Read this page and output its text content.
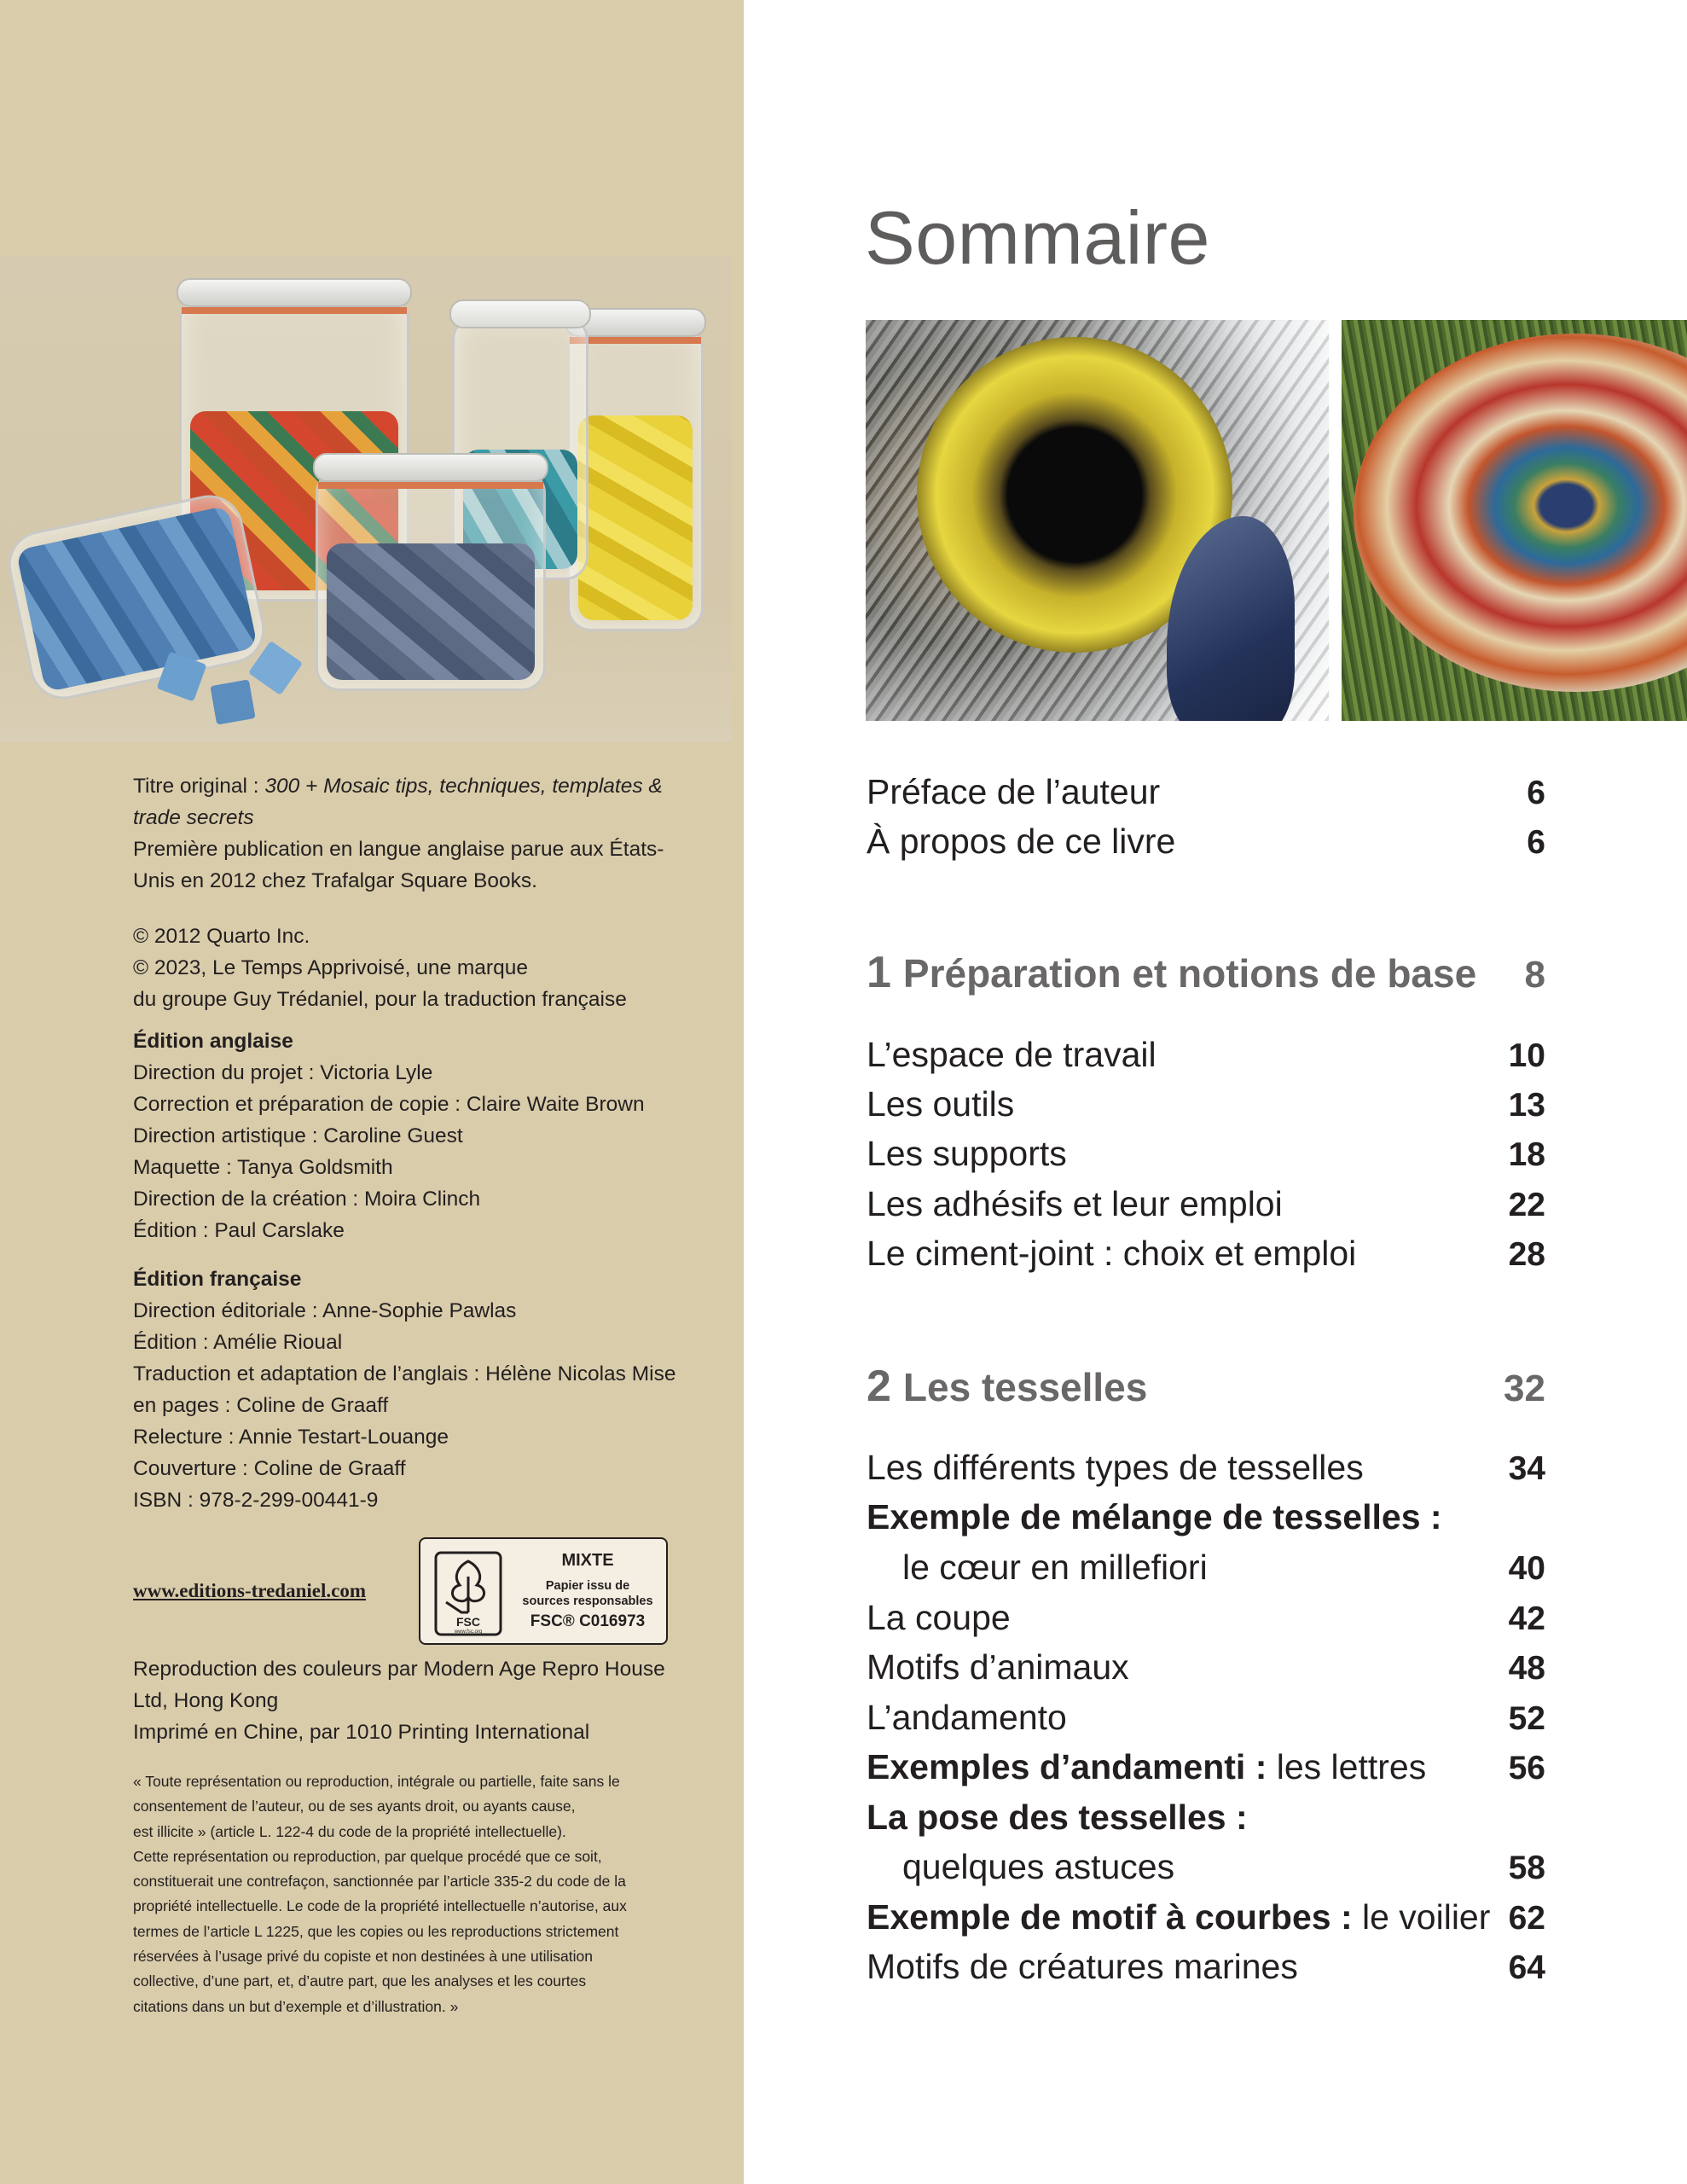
Titre original : 300 + Mosaic tips, techniques, templates &
trade secrets
Première publication en langue anglaise parue aux États-
Unis en 2012 chez Trafalgar Square Books.
© 2012 Quarto Inc.
© 2023, Le Temps Apprivoisé, une marque
du groupe Guy Trédaniel, pour la traduction française
Édition anglaise
Direction du projet : Victoria Lyle
Correction et préparation de copie : Claire Waite Brown
Direction artistique : Caroline Guest
Maquette : Tanya Goldsmith
Direction de la création : Moira Clinch
Édition : Paul Carslake
Édition française
Direction éditoriale : Anne-Sophie Pawlas
Édition : Amélie Rioual
Traduction et adaptation de l’anglais : Hélène Nicolas Mise
en pages : Coline de Graaff
Relecture : Annie Testart-Louange
Couverture : Coline de Graaff
ISBN : 978-2-299-00441-9
www.editions-tredaniel.com
FSC
www.fsc.org
MIXTE
Papier issu de
sources responsables
FSC® C016973
Reproduction des couleurs par Modern Age Repro House
Ltd, Hong Kong
Imprimé en Chine, par 1010 Printing International
« Toute représentation ou reproduction, intégrale ou partielle, faite sans le
consentement de l’auteur, ou de ses ayants droit, ou ayants cause,
est illicite » (article L. 122-4 du code de la propriété intellectuelle).
Cette représentation ou reproduction, par quelque procédé que ce soit,
constituerait une contrefaçon, sanctionnée par l’article 335-2 du code de la
propriété intellectuelle. Le code de la propriété intellectuelle n’autorise, aux
termes de l’article L 1225, que les copies ou les reproductions strictement
réservées à l’usage privé du copiste et non destinées à une utilisation
collective, d’une part, et, d’autre part, que les analyses et les courtes
citations dans un but d’exemple et d’illustration. »
Sommaire
Préface de l’auteur	6
À propos de ce livre	6
1 Préparation et notions de base 8
L’espace de travail	10
Les outils	13
Les supports	18
Les adhésifs et leur emploi	22
Le ciment-joint : choix et emploi	28
2 Les tesselles	32
Les différents types de tesselles	34
Exemple de mélange de tesselles :
le cœur en millefiori	40
La coupe	42
Motifs d’animaux	48
L’andamento	52
Exemples d’andamenti : les lettres 56
La pose des tesselles :
quelques astuces	58
Exemple de motif à courbes : le voilier 62
Motifs de créatures marines	64
